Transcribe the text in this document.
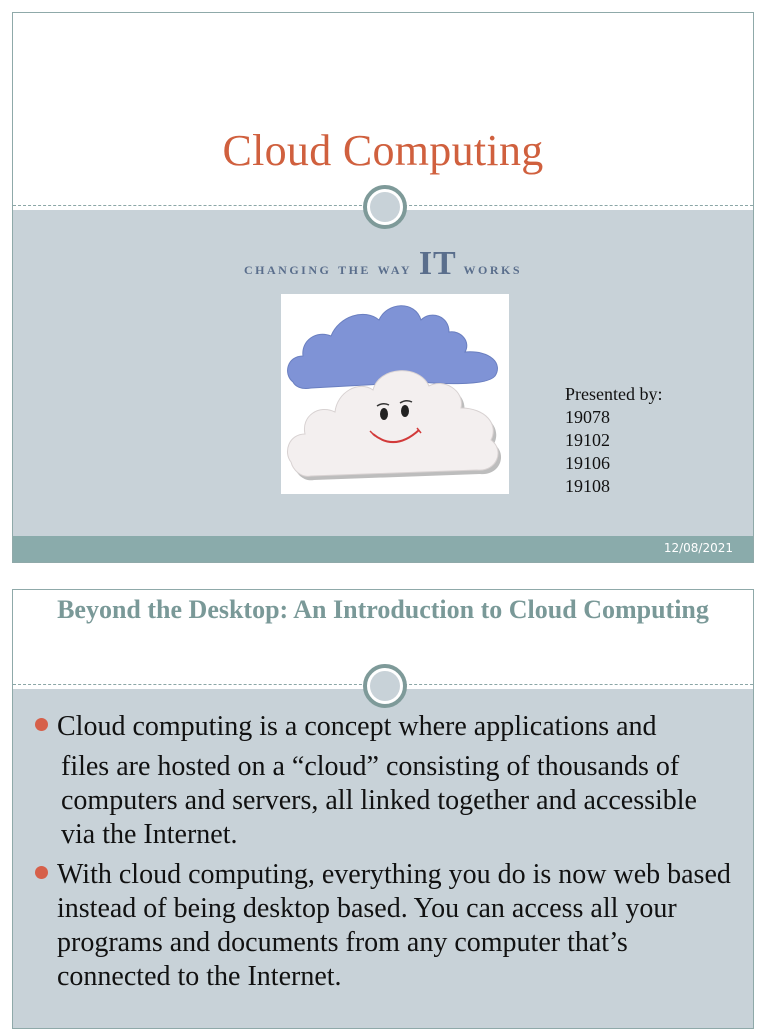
Cloud Computing
changing the way IT works
Presented by:
19078
19102
19106
19108
12/08/2021
Beyond the Desktop: An Introduction to Cloud Computing
Cloud computing is a concept where applications and
files are hosted on a “cloud” consisting of thousands of computers and servers, all linked together and accessible via the Internet.
With cloud computing, everything you do is now web based instead of being desktop based. You can access all your programs and documents from any computer that’s connected to the Internet.
